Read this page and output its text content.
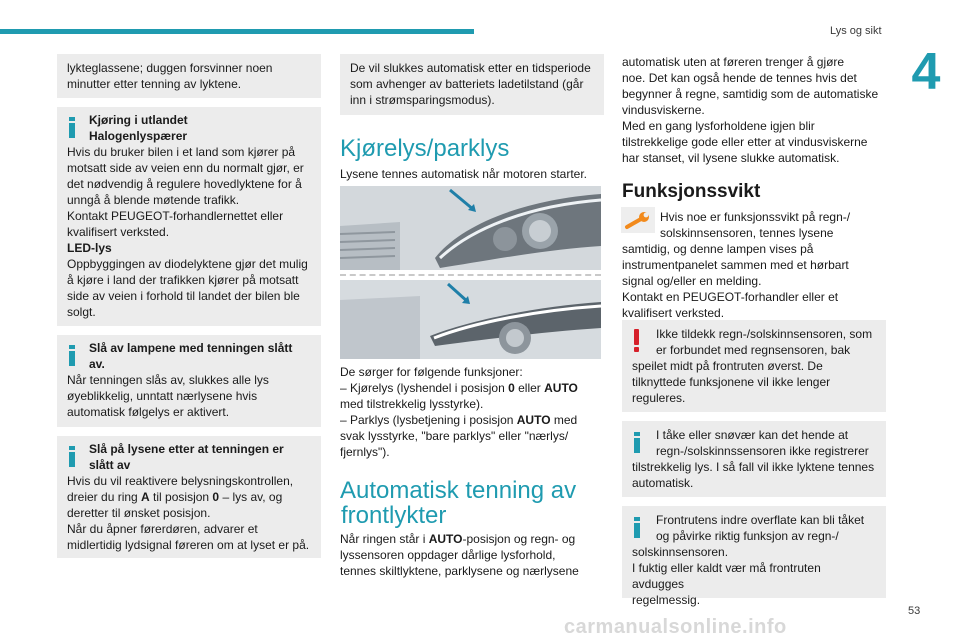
Lys og sikt
4

lykteglassene; duggen forsvinner noen

minutter etter tenning av lyktene.

Kjøring i utlandet

Halogenlyspærer

Hvis du bruker bilen i et land som kjører på

motsatt side av veien enn du normalt gjør, er

det nødvendig å regulere hovedlyktene for å

unngå å blende møtende trafikk.

Kontakt PEUGEOT-forhandlernettet eller

kvalifisert verksted.

LED-lys

Oppbyggingen av diodelyktene gjør det mulig

å kjøre i land der trafikken kjører på motsatt

side av veien i forhold til landet der bilen ble

solgt.

Slå av lampene med tenningen slått

av.

Når tenningen slås av, slukkes alle lys

øyeblikkelig, unntatt nærlysene hvis

automatisk følgelys er aktivert.

Slå på lysene etter at tenningen er

slått av

Hvis du vil reaktivere belysningskontrollen,

dreier du ring A til posisjon 0 – lys av, og

deretter til ønsket posisjon.

Når du åpner førerdøren, advarer et

midlertidig lydsignal føreren om at lyset er på.

De vil slukkes automatisk etter en tidsperiode

som avhenger av batteriets ladetilstand (går

inn i strømsparingsmodus).

Kjørelys/parklys
Lysene tennes automatisk når motoren starter.

De sørger for følgende funksjoner:

– Kjørelys (lyshendel i posisjon 0 eller AUTO

med tilstrekkelig lysstyrke).

– Parklys (lysbetjening i posisjon AUTO med

svak lysstyrke, "bare parklys" eller "nærlys/

fjernlys").

Automatisk tenning av

frontlykter

Når ringen står i AUTO-posisjon og regn- og

lyssensoren oppdager dårlige lysforhold,

tennes skiltlyktene, parklysene og nærlysene

automatisk uten at føreren trenger å gjøre

noe. Det kan også hende de tennes hvis det

begynner å regne, samtidig som de automatiske

vindusviskerne.

Med en gang lysforholdene igjen blir

tilstrekkelige gode eller etter at vindusviskerne

har stanset, vil lysene slukke automatisk.

Funksjonssvikt

Hvis noe er funksjonssvikt på regn-/

solskinnsensoren, tennes lysene

samtidig, og denne lampen vises på

instrumentpanelet sammen med et hørbart

signal og/eller en melding.

Kontakt en PEUGEOT-forhandler eller et

kvalifisert verksted.

Ikke tildekk regn-/solskinnsensoren, som

er forbundet med regnsensoren, bak

speilet midt på frontruten øverst. De

tilknyttede funksjonene vil ikke lenger

reguleres.

I tåke eller snøvær kan det hende at

regn-/solskinnssensoren ikke registrerer

tilstrekkelig lys. I så fall vil ikke lyktene tennes

automatisk.

Frontrutens indre overflate kan bli tåket

og påvirke riktig funksjon av regn-/

solskinnsensoren.

I fuktig eller kaldt vær må frontruten avdugges

regelmessig.

carmanualsonline.info
53
